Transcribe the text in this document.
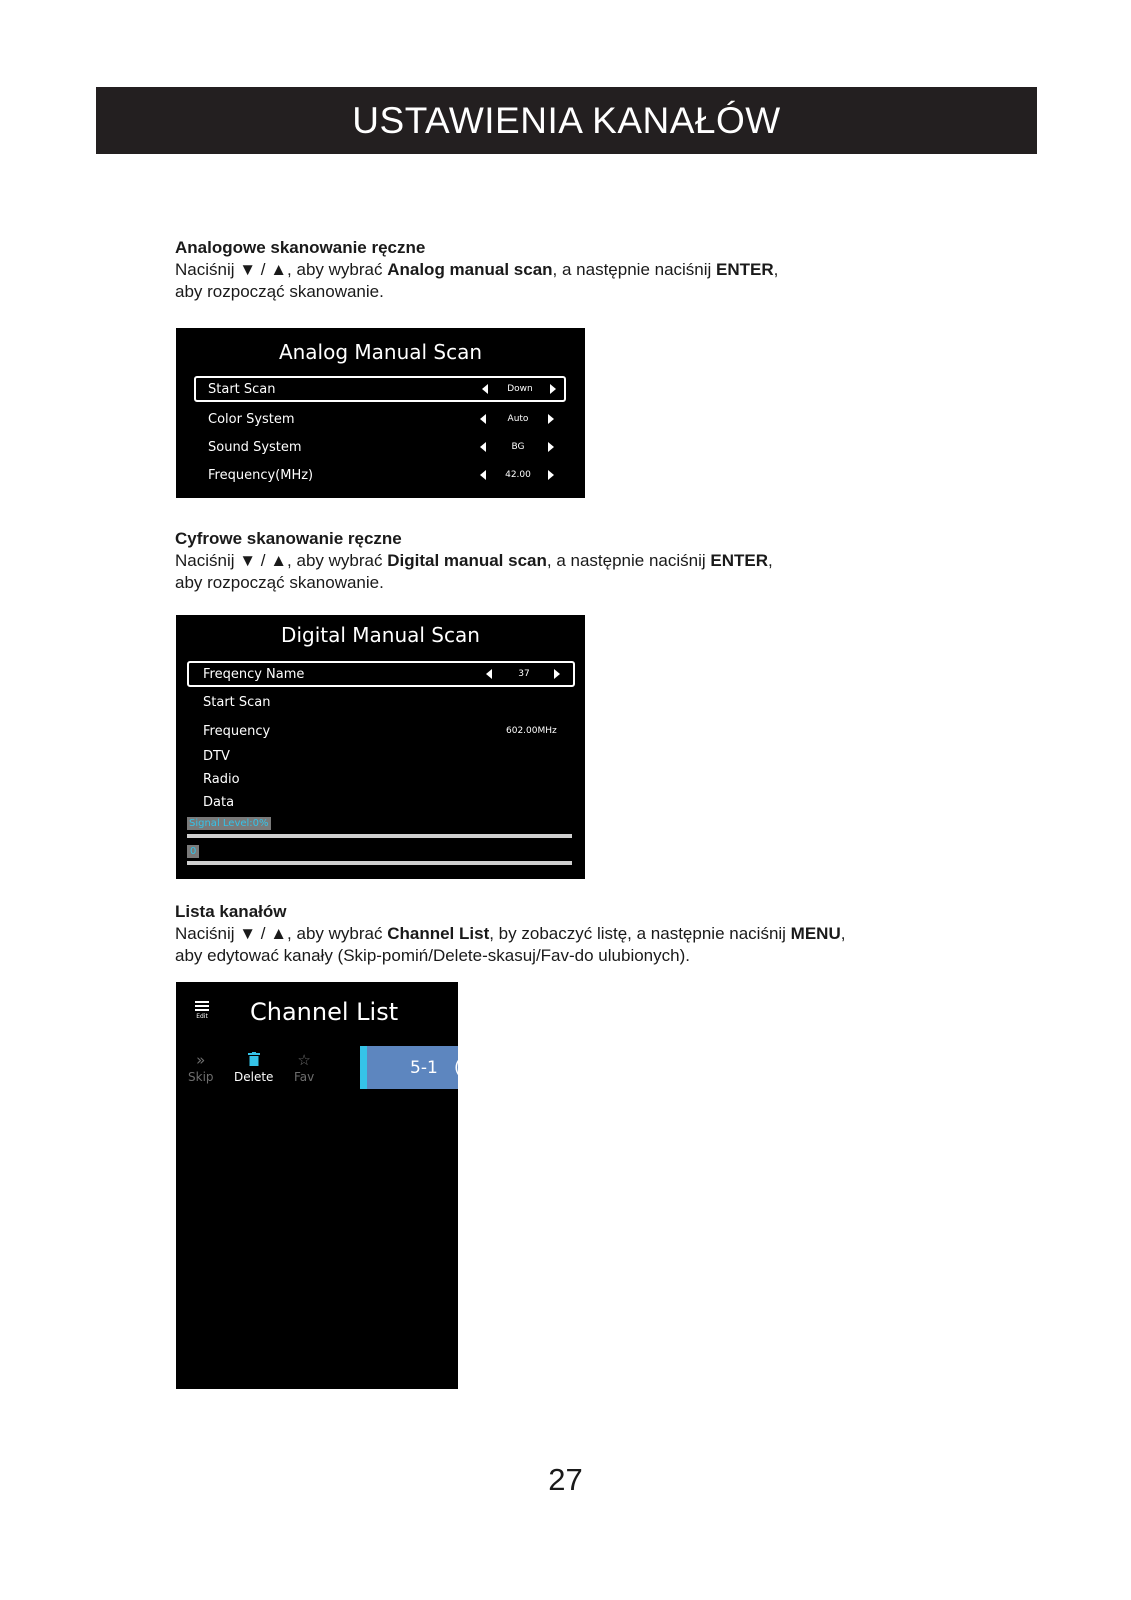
USTAWIENIA KANAŁÓW
Analogowe skanowanie ręczne
Naciśnij ▼ / ▲, aby wybrać Analog manual scan, a następnie naciśnij ENTER,
aby rozpocząć skanowanie.
Analog Manual Scan
Start Scan	Down
Color System	Auto
Sound System	BG
Frequency(MHz)	42.00
Cyfrowe skanowanie ręczne
Naciśnij ▼ / ▲, aby wybrać Digital manual scan, a następnie naciśnij ENTER,
aby rozpocząć skanowanie.
Digital Manual Scan
Freqency Name	37
Start Scan
Frequency	602.00MHz
DTV
Radio
Data
Signal Level:0%
0
Lista kanałów
Naciśnij ▼ / ▲, aby wybrać Channel List, by zobaczyć listę, a następnie naciśnij MENU,
aby edytować kanały (Skip-pomiń/Delete-skasuj/Fav-do ulubionych).
Edit Channel List
»
Skip Delete
☆
Fav	5-1 (
27
